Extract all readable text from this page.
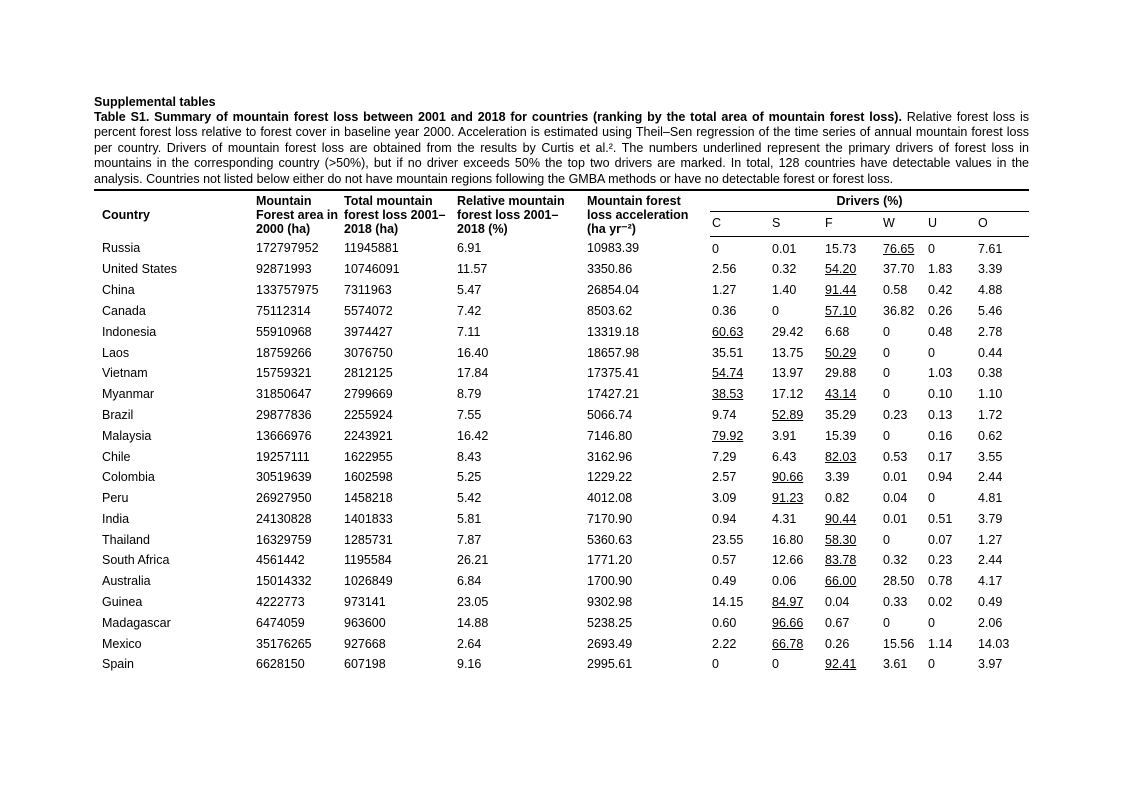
Supplemental tables

Table S1. Summary of mountain forest loss between 2001 and 2018 for countries (ranking by the total area of mountain forest loss). Relative forest loss is percent forest loss relative to forest cover in baseline year 2000. Acceleration is estimated using Theil–Sen regression of the time series of annual mountain forest loss per country. Drivers of mountain forest loss are obtained from the results by Curtis et al.². The numbers underlined represent the primary drivers of forest loss in mountains in the corresponding country (>50%), but if no driver exceeds 50% the top two drivers are marked. In total, 128 countries have detectable values in the analysis. Countries not listed below either do not have mountain regions following the GMBA methods or have no detectable forest or forest loss.

Country	Mountain Forest area in 2000 (ha)	Total mountain forest loss 2001–2018 (ha)	Relative mountain forest loss 2001–2018 (%)	Mountain forest loss acceleration (ha yr⁻²)	Drivers (%)					
					C	S	F	W	U	O
Russia	172797952	11945881	6.91	10983.39	0	0.01	15.73	76.65	0	7.61
United States	92871993	10746091	11.57	3350.86	2.56	0.32	54.20	37.70	1.83	3.39
China	133757975	7311963	5.47	26854.04	1.27	1.40	91.44	0.58	0.42	4.88
Canada	75112314	5574072	7.42	8503.62	0.36	0	57.10	36.82	0.26	5.46
Indonesia	55910968	3974427	7.11	13319.18	60.63	29.42	6.68	0	0.48	2.78
Laos	18759266	3076750	16.40	18657.98	35.51	13.75	50.29	0	0	0.44
Vietnam	15759321	2812125	17.84	17375.41	54.74	13.97	29.88	0	1.03	0.38
Myanmar	31850647	2799669	8.79	17427.21	38.53	17.12	43.14	0	0.10	1.10
Brazil	29877836	2255924	7.55	5066.74	9.74	52.89	35.29	0.23	0.13	1.72
Malaysia	13666976	2243921	16.42	7146.80	79.92	3.91	15.39	0	0.16	0.62
Chile	19257111	1622955	8.43	3162.96	7.29	6.43	82.03	0.53	0.17	3.55
Colombia	30519639	1602598	5.25	1229.22	2.57	90.66	3.39	0.01	0.94	2.44
Peru	26927950	1458218	5.42	4012.08	3.09	91.23	0.82	0.04	0	4.81
India	24130828	1401833	5.81	7170.90	0.94	4.31	90.44	0.01	0.51	3.79
Thailand	16329759	1285731	7.87	5360.63	23.55	16.80	58.30	0	0.07	1.27
South Africa	4561442	1195584	26.21	1771.20	0.57	12.66	83.78	0.32	0.23	2.44
Australia	15014332	1026849	6.84	1700.90	0.49	0.06	66.00	28.50	0.78	4.17
Guinea	4222773	973141	23.05	9302.98	14.15	84.97	0.04	0.33	0.02	0.49
Madagascar	6474059	963600	14.88	5238.25	0.60	96.66	0.67	0	0	2.06
Mexico	35176265	927668	2.64	2693.49	2.22	66.78	0.26	15.56	1.14	14.03
Spain	6628150	607198	9.16	2995.61	0	0	92.41	3.61	0	3.97
